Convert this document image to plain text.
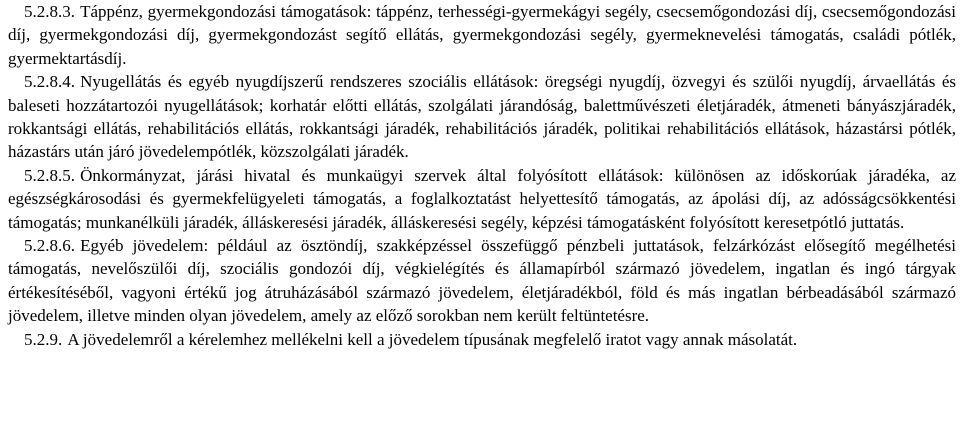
5.2.8.3. Táppénz, gyermekgondozási támogatások: táppénz, terhességi-gyermekágyi segély, csecsemőgondozási díj, csecsemőgondozási díj, gyermekgondozási díj, gyermekgondozást segítő ellátás, gyermekgondozási segély, gyermeknevelési támogatás, családi pótlék, gyermektartásdíj.

5.2.8.4. Nyugellátás és egyéb nyugdíjszerű rendszeres szociális ellátások: öregségi nyugdíj, özvegyi és szülői nyugdíj, árvaellátás és baleseti hozzátartozói nyugellátások; korhatár előtti ellátás, szolgálati járandóság, balettművészeti életjáradék, átmeneti bányászjáradék, rokkantsági ellátás, rehabilitációs ellátás, rokkantsági járadék, rehabilitációs járadék, politikai rehabilitációs ellátások, házastársi pótlék, házastárs után járó jövedelempótlék, közszolgálati járadék.

5.2.8.5. Önkormányzat, járási hivatal és munkaügyi szervek által folyósított ellátások: különösen az időskorúak járadéka, az egészségkárosodási és gyermekfelügyeleti támogatás, a foglalkoztatást helyettesítő támogatás, az ápolási díj, az adósságcsökkentési támogatás; munkanélküli járadék, álláskeresési járadék, álláskeresési segély, képzési támogatásként folyósított keresetpótló juttatás.

5.2.8.6. Egyéb jövedelem: például az ösztöndíj, szakképzéssel összefüggő pénzbeli juttatások, felzárkózást elősegítő megélhetési támogatás, nevelőszülői díj, szociális gondozói díj, végkielégítés és államapírból származó jövedelem, ingatlan és ingó tárgyak értékesítéséből, vagyoni értékű jog átruházásából származó jövedelem, életjáradékból, föld és más ingatlan bérbeadásából származó jövedelem, illetve minden olyan jövedelem, amely az előző sorokban nem került feltüntetésre.

5.2.9. A jövedelemről a kérelemhez mellékelni kell a jövedelem típusának megfelelő iratot vagy annak másolatát.
